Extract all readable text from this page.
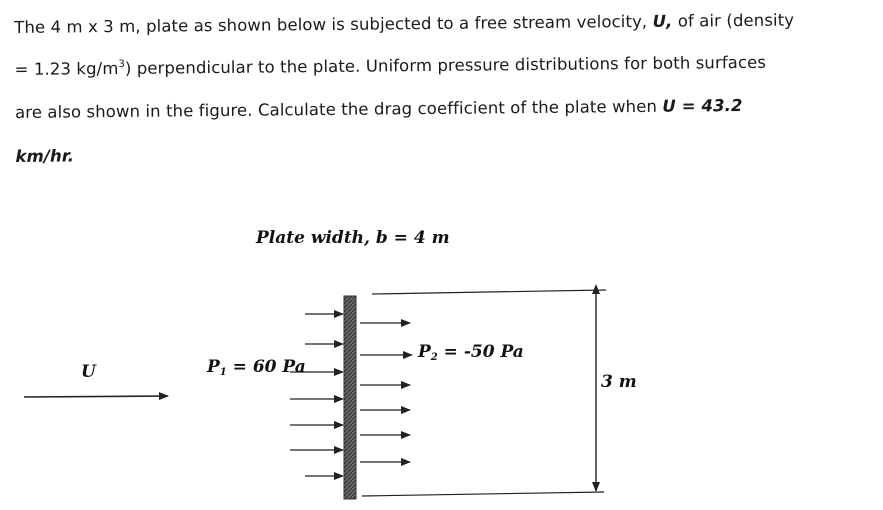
The 4 m x 3 m, plate as shown below is subjected to a free stream velocity, U, of air (density
= 1.23 $kg/m^3$) perpendicular to the plate. Uniform pressure distributions for both surfaces
are also shown in the figure. Calculate the drag coefficient of the plate when U = 43.2
km/hr.
Plate width, b = 4 m
U	$P_1 = 60$ Pa
$P_2 = -50$ Pa
3 m
